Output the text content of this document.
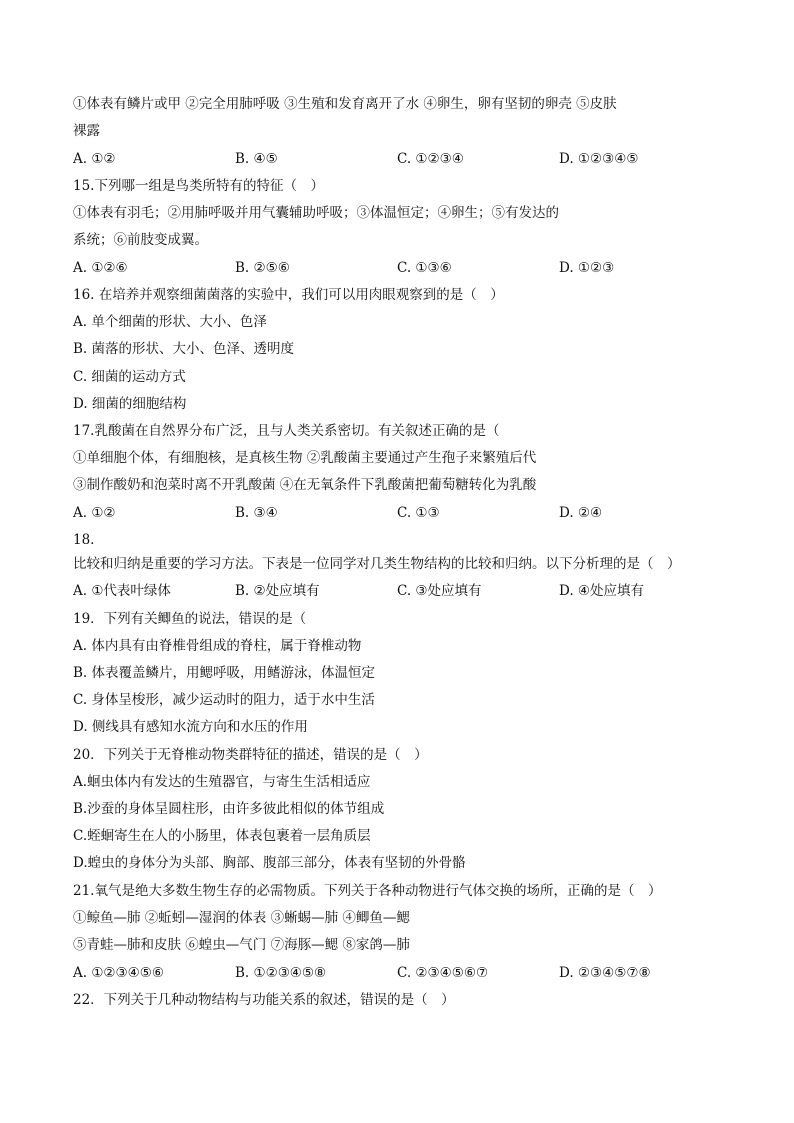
①体表有鳞片或甲 ②完全用肺呼吸 ③生殖和发育离开了水 ④卵生，卵有坚韧的卵壳 ⑤皮肤
裸露
A. ①②	B. ④⑤	C. ①②③④	D. ①②③④⑤
15.下列哪一组是鸟类所特有的特征（　）
①体表有羽毛；②用肺呼吸并用气囊辅助呼吸；③体温恒定；④卵生；⑤有发达的
系统；⑥前肢变成翼。
A. ①②⑥	B. ②⑤⑥	C. ①③⑥	D. ①②③
16. 在培养并观察细菌菌落的实验中，我们可以用肉眼观察到的是（　）
A. 单个细菌的形状、大小、色泽
B. 菌落的形状、大小、色泽、透明度
C. 细菌的运动方式
D. 细菌的细胞结构
17.乳酸菌在自然界分布广泛，且与人类关系密切。有关叙述正确的是（
①单细胞个体，有细胞核，是真核生物 ②乳酸菌主要通过产生孢子来繁殖后代
③制作酸奶和泡菜时离不开乳酸菌 ④在无氧条件下乳酸菌把葡萄糖转化为乳酸
A. ①②	B. ③④	C. ①③	D. ②④
18.
比较和归纳是重要的学习方法。下表是一位同学对几类生物结构的比较和归纳。以下分析理的是（　）
A. ①代表叶绿体	B. ②处应填有	C. ③处应填有	D. ④处应填有
19．下列有关鲫鱼的说法，错误的是（
A. 体内具有由脊椎骨组成的脊柱，属于脊椎动物
B. 体表覆盖鳞片，用鳃呼吸，用鳍游泳，体温恒定
C. 身体呈梭形，减少运动时的阻力，适于水中生活
D. 侧线具有感知水流方向和水压的作用
20．下列关于无脊椎动物类群特征的描述，错误的是（　）
A.蛔虫体内有发达的生殖器官，与寄生生活相适应
B.沙蚕的身体呈圆柱形，由许多彼此相似的体节组成
C.蛭蛔寄生在人的小肠里，体表包裹着一层角质层
D.蝗虫的身体分为头部、胸部、腹部三部分，体表有坚韧的外骨骼
21.氧气是绝大多数生物生存的必需物质。下列关于各种动物进行气体交换的场所，正确的是（　）
①鲸鱼—肺 ②蚯蚓—湿润的体表 ③蜥蜴—肺 ④鲫鱼—鳃
⑤青蛙—肺和皮肤 ⑥蝗虫—气门 ⑦海豚—鳃 ⑧家鸽—肺
A. ①②③④⑤⑥	B. ①②③④⑤⑧	C. ②③④⑤⑥⑦	D. ②③④⑤⑦⑧
22．下列关于几种动物结构与功能关系的叙述，错误的是（　）
